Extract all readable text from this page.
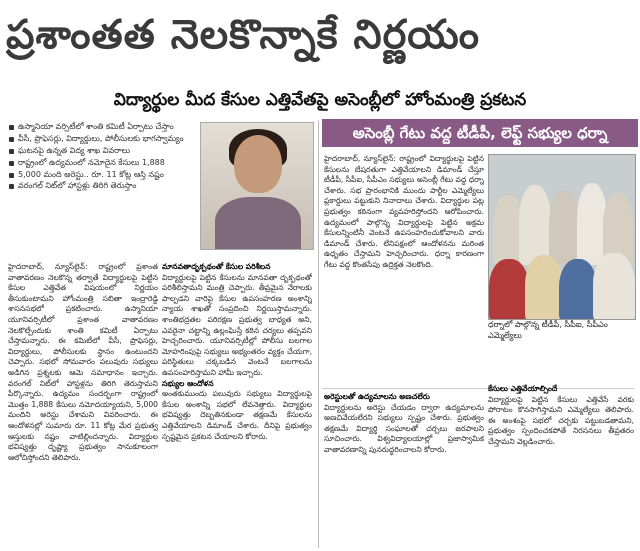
ప్రశాంతత నెలకొన్నాకే నిర్ణయం
విద్యార్థుల మీద కేసుల ఎత్తివేతపై అసెంబ్లీలో హోంమంత్రి ప్రకటన
ఉస్మానియా వర్సిటీలో శాంతి కమిటీ ఏర్పాటు చేస్తాం
వీసీ, ప్రొఫెసర్లు, విద్యార్థులు, పోలీసులకు భాగస్వామ్యం
ఘటనపై ఉన్నత విద్య శాఖ వివరాలు
రాష్ట్రంలో ఉద్యమంలో నమోదైన కేసులు 1,888
5,000 మంది అరెస్టు.. రూ. 11 కోట్ల ఆస్తి నష్టం
వరంగల్ నిట్‌లో హాస్టళ్లు తిరిగి తెరుస్తాం
హైదరాబాద్, న్యూస్‌లైన్: రాష్ట్రంలో ప్రశాంత వాతావరణం నెలకొన్న తర్వాతే విద్యార్థులపై పెట్టిన కేసుల ఎత్తివేత విషయంలో నిర్ణయం తీసుకుంటామని హోంమంత్రి సబితా ఇంద్రారెడ్డి శాసనసభలో ప్రకటించారు. ఉస్మానియా యూనివర్సిటీలో ప్రశాంత వాతావరణం నెలకొల్పేందుకు శాంతి కమిటీ ఏర్పాటు చేస్తామన్నారు. ఈ కమిటీలో వీసీ, ప్రొఫెసర్లు, విద్యార్థులు, పోలీసులకు స్థానం ఉంటుందని చెప్పారు. సభలో సోమవారం పలువురు సభ్యులు అడిగిన ప్రశ్నలకు ఆమె సమాధానం ఇచ్చారు. వరంగల్ నిట్‌లో హాస్టళ్లను తిరిగి తెరుస్తామని పేర్కొన్నారు. ఉద్యమం సందర్భంగా రాష్ట్రంలో మొత్తం 1,888 కేసులు నమోదయ్యాయని, 5,000 మందిని అరెస్టు చేశామని వివరించారు. ఈ ఆందోళనల్లో సుమారు రూ. 11 కోట్ల మేర ప్రభుత్వ ఆస్తులకు నష్టం వాటిల్లిందన్నారు. విద్యార్థుల భవిష్యత్తు దృష్ట్యా ప్రభుత్వం సానుకూలంగా ఆలోచిస్తోందని తెలిపారు.
మానవతాదృక్పథంతో కేసుల పరిశీలన
విద్యార్థులపై పెట్టిన కేసులను మానవతా దృక్పథంతో పరిశీలిస్తామని మంత్రి చెప్పారు. తీవ్రమైన నేరాలకు పాల్పడని వారిపై కేసుల ఉపసంహరణ అంశాన్ని న్యాయ శాఖతో సంప్రదించి నిర్ణయిస్తామన్నారు. శాంతిభద్రతల పరిరక్షణ ప్రభుత్వ బాధ్యత అని, ఎవరైనా చట్టాన్ని ఉల్లంఘిస్తే కఠిన చర్యలు తప్పవని హెచ్చరించారు. యూనివర్సిటీల్లో పోలీసు బలగాల మోహరింపుపై సభ్యులు అభ్యంతరం వ్యక్తం చేయగా, పరిస్థితులు చక్కబడిన వెంటనే బలగాలను ఉపసంహరిస్తామని హామీ ఇచ్చారు.
సభ్యుల ఆందోళన
అంతకుముందు పలువురు సభ్యులు విద్యార్థులపై కేసుల అంశాన్ని సభలో లేవనెత్తారు. విద్యార్థుల భవిష్యత్తు దెబ్బతినకుండా తక్షణమే కేసులను ఎత్తివేయాలని డిమాండ్ చేశారు. దీనిపై ప్రభుత్వం స్పష్టమైన ప్రకటన చేయాలని కోరారు.
అసెంబ్లీ గేటు వద్ద టీడీపీ, లెఫ్ట్ సభ్యుల ధర్నా
హైదరాబాద్, న్యూస్‌లైన్: రాష్ట్రంలో విద్యార్థులపై పెట్టిన కేసులను బేషరతుగా ఎత్తివేయాలని డిమాండ్ చేస్తూ టీడీపీ, సీపీఐ, సీపీఎం సభ్యులు అసెంబ్లీ గేటు వద్ద ధర్నా చేశారు. సభ ప్రారంభానికి ముందు పార్టీల ఎమ్మెల్యేలు ప్లకార్డులు పట్టుకుని నినాదాలు చేశారు. విద్యార్థుల పట్ల ప్రభుత్వం కఠినంగా వ్యవహరిస్తోందని ఆరోపించారు. ఉద్యమంలో పాల్గొన్న విద్యార్థులపై పెట్టిన అక్రమ కేసులన్నింటినీ వెంటనే ఉపసంహరించుకోవాలని వారు డిమాండ్ చేశారు. లేనిపక్షంలో ఆందోళనను మరింత ఉధృతం చేస్తామని హెచ్చరించారు. ధర్నా కారణంగా గేటు వద్ద కొంతసేపు ఉద్రిక్తత నెలకొంది.
ధర్నాలో పాల్గొన్న టీడీపీ, సీపీఐ, సీపీఎం ఎమ్మెల్యేలు
అరెస్టులతో ఉద్యమాలను అణచలేరు
విద్యార్థులను అరెస్టు చేయడం ద్వారా ఉద్యమాలను అణచివేయలేరని సభ్యులు స్పష్టం చేశారు. ప్రభుత్వం తక్షణమే విద్యార్థి సంఘాలతో చర్చలు జరపాలని సూచించారు. విశ్వవిద్యాలయాల్లో ప్రజాస్వామిక వాతావరణాన్ని పునరుద్ధరించాలని కోరారు.
కేసులు ఎత్తివేయాల్సిందే
విద్యార్థులపై పెట్టిన కేసులు ఎత్తివేసే వరకు పోరాటం కొనసాగిస్తామని ఎమ్మెల్యేలు తెలిపారు. ఈ అంశంపై సభలో చర్చకు పట్టుబడతామని, ప్రభుత్వం స్పందించకపోతే నిరసనలు తీవ్రతరం చేస్తామని వెల్లడించారు.
